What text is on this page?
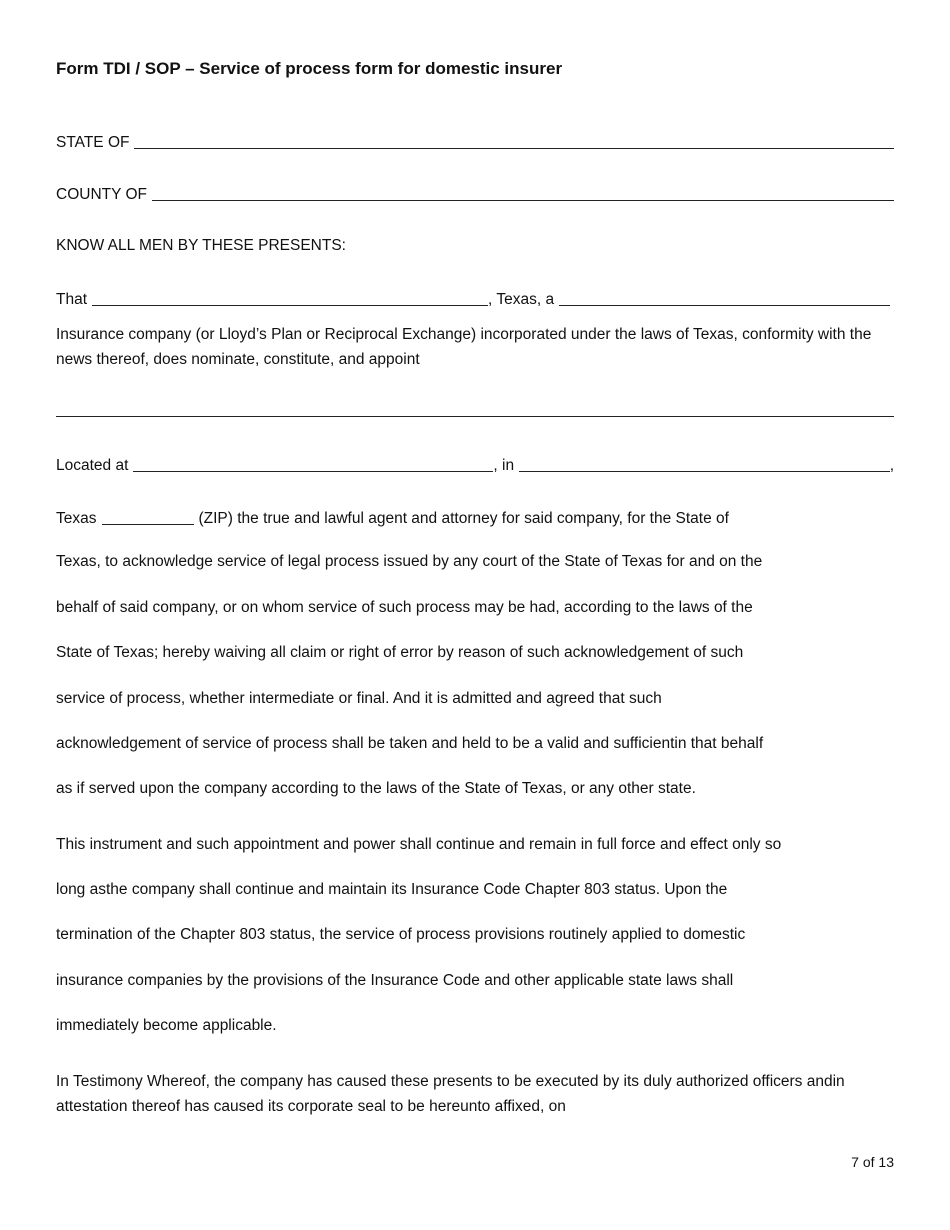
Form TDI / SOP – Service of process form for domestic insurer
STATE OF
COUNTY OF
KNOW ALL MEN BY THESE PRESENTS:
That	, Texas, a
Insurance company (or Lloyd’s Plan or Reciprocal Exchange) incorporated under the laws of Texas, conformity with the news thereof, does nominate, constitute, and appoint
Located at	, in	,
Texas	(ZIP) the true and lawful agent and attorney for said company, for the State of
Texas, to acknowledge service of legal process issued by any court of the State of Texas for and on the
behalf of said company, or on whom service of such process may be had, according to the laws of the
State of Texas; hereby waiving all claim or right of error by reason of such acknowledgement of such
service of process, whether intermediate or final. And it is admitted and agreed that such
acknowledgement of service of process shall be taken and held to be a valid and sufficientin that behalf
as if served upon the company according to the laws of the State of Texas, or any other state.
This instrument and such appointment and power shall continue and remain in full force and effect only so
long asthe company shall continue and maintain its Insurance Code Chapter 803 status. Upon the
termination of the Chapter 803 status, the service of process provisions routinely applied to domestic
insurance companies by the provisions of the Insurance Code and other applicable state laws shall
immediately become applicable.
In Testimony Whereof, the company has caused these presents to be executed by its duly authorized officers andin attestation thereof has caused its corporate seal to be hereunto affixed, on
7 of 13
